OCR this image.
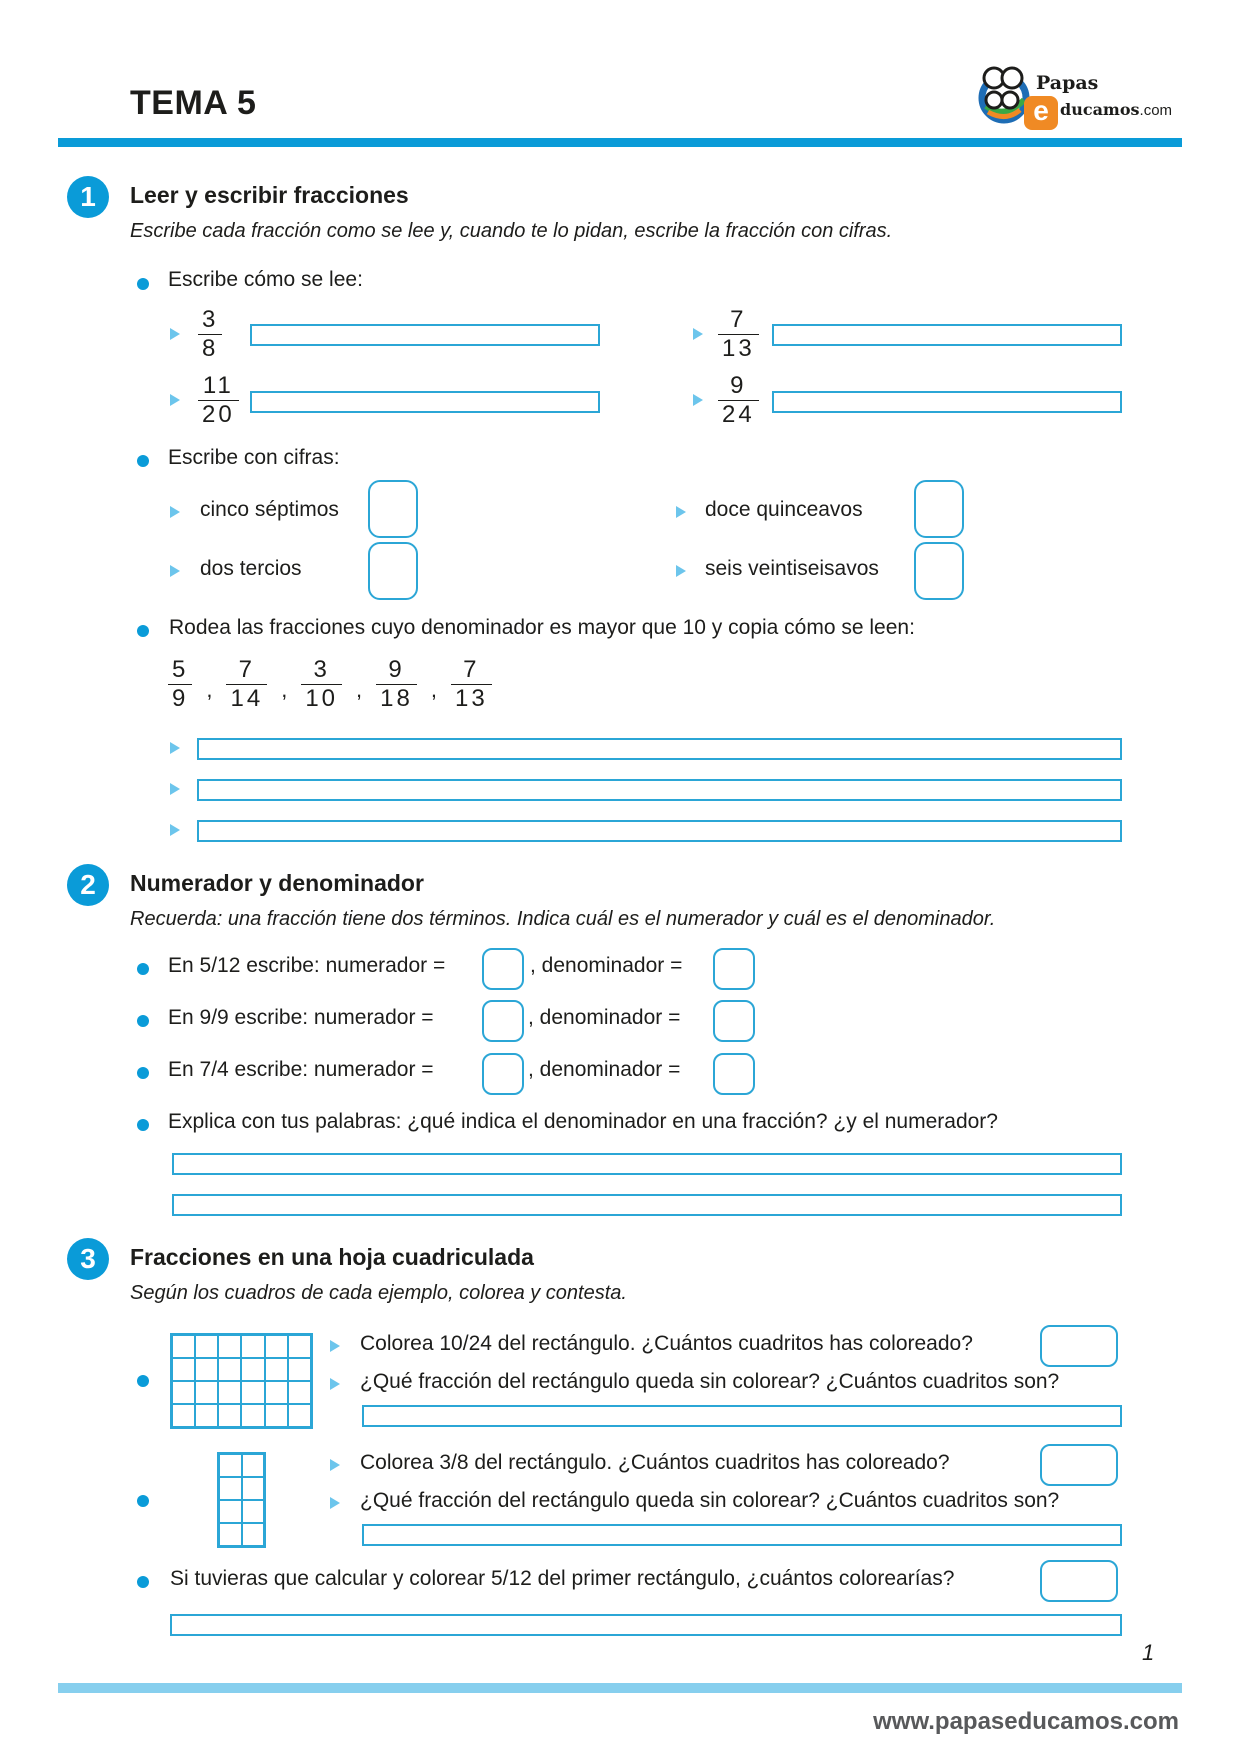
TEMA 5
Papas
e ducamos.com
1	Leer y escribir fracciones
Escribe cada fracción como se lee y, cuando te lo pidan, escribe la fracción con cifras.
Escribe cómo se lee:
$\frac{3}{8}$	$\frac{7}{13}$
$\frac{11}{20}$	$\frac{9}{24}$
Escribe con cifras:
cinco séptimos	doce quinceavos
dos tercios	seis veintiseisavos
Rodea las fracciones cuyo denominador es mayor que 10 y copia cómo se leen:
$\frac{5}{9}$ , $\frac{7}{14}$ , $\frac{3}{10}$ , $\frac{9}{18}$ , $\frac{7}{13}$
2	Numerador y denominador
Recuerda: una fracción tiene dos términos. Indica cuál es el numerador y cuál es el denominador.
En 5/12 escribe: numerador =	, denominador =
En 9/9 escribe: numerador =	, denominador =
En 7/4 escribe: numerador =	, denominador =
Explica con tus palabras: ¿qué indica el denominador en una fracción? ¿y el numerador?
3	Fracciones en una hoja cuadriculada
Según los cuadros de cada ejemplo, colorea y contesta.
Colorea 10/24 del rectángulo. ¿Cuántos cuadritos has coloreado?
¿Qué fracción del rectángulo queda sin colorear? ¿Cuántos cuadritos son?
Colorea 3/8 del rectángulo. ¿Cuántos cuadritos has coloreado?
¿Qué fracción del rectángulo queda sin colorear? ¿Cuántos cuadritos son?
Si tuvieras que calcular y colorear 5/12 del primer rectángulo, ¿cuántos colorearías?
1
www.papaseducamos.com
